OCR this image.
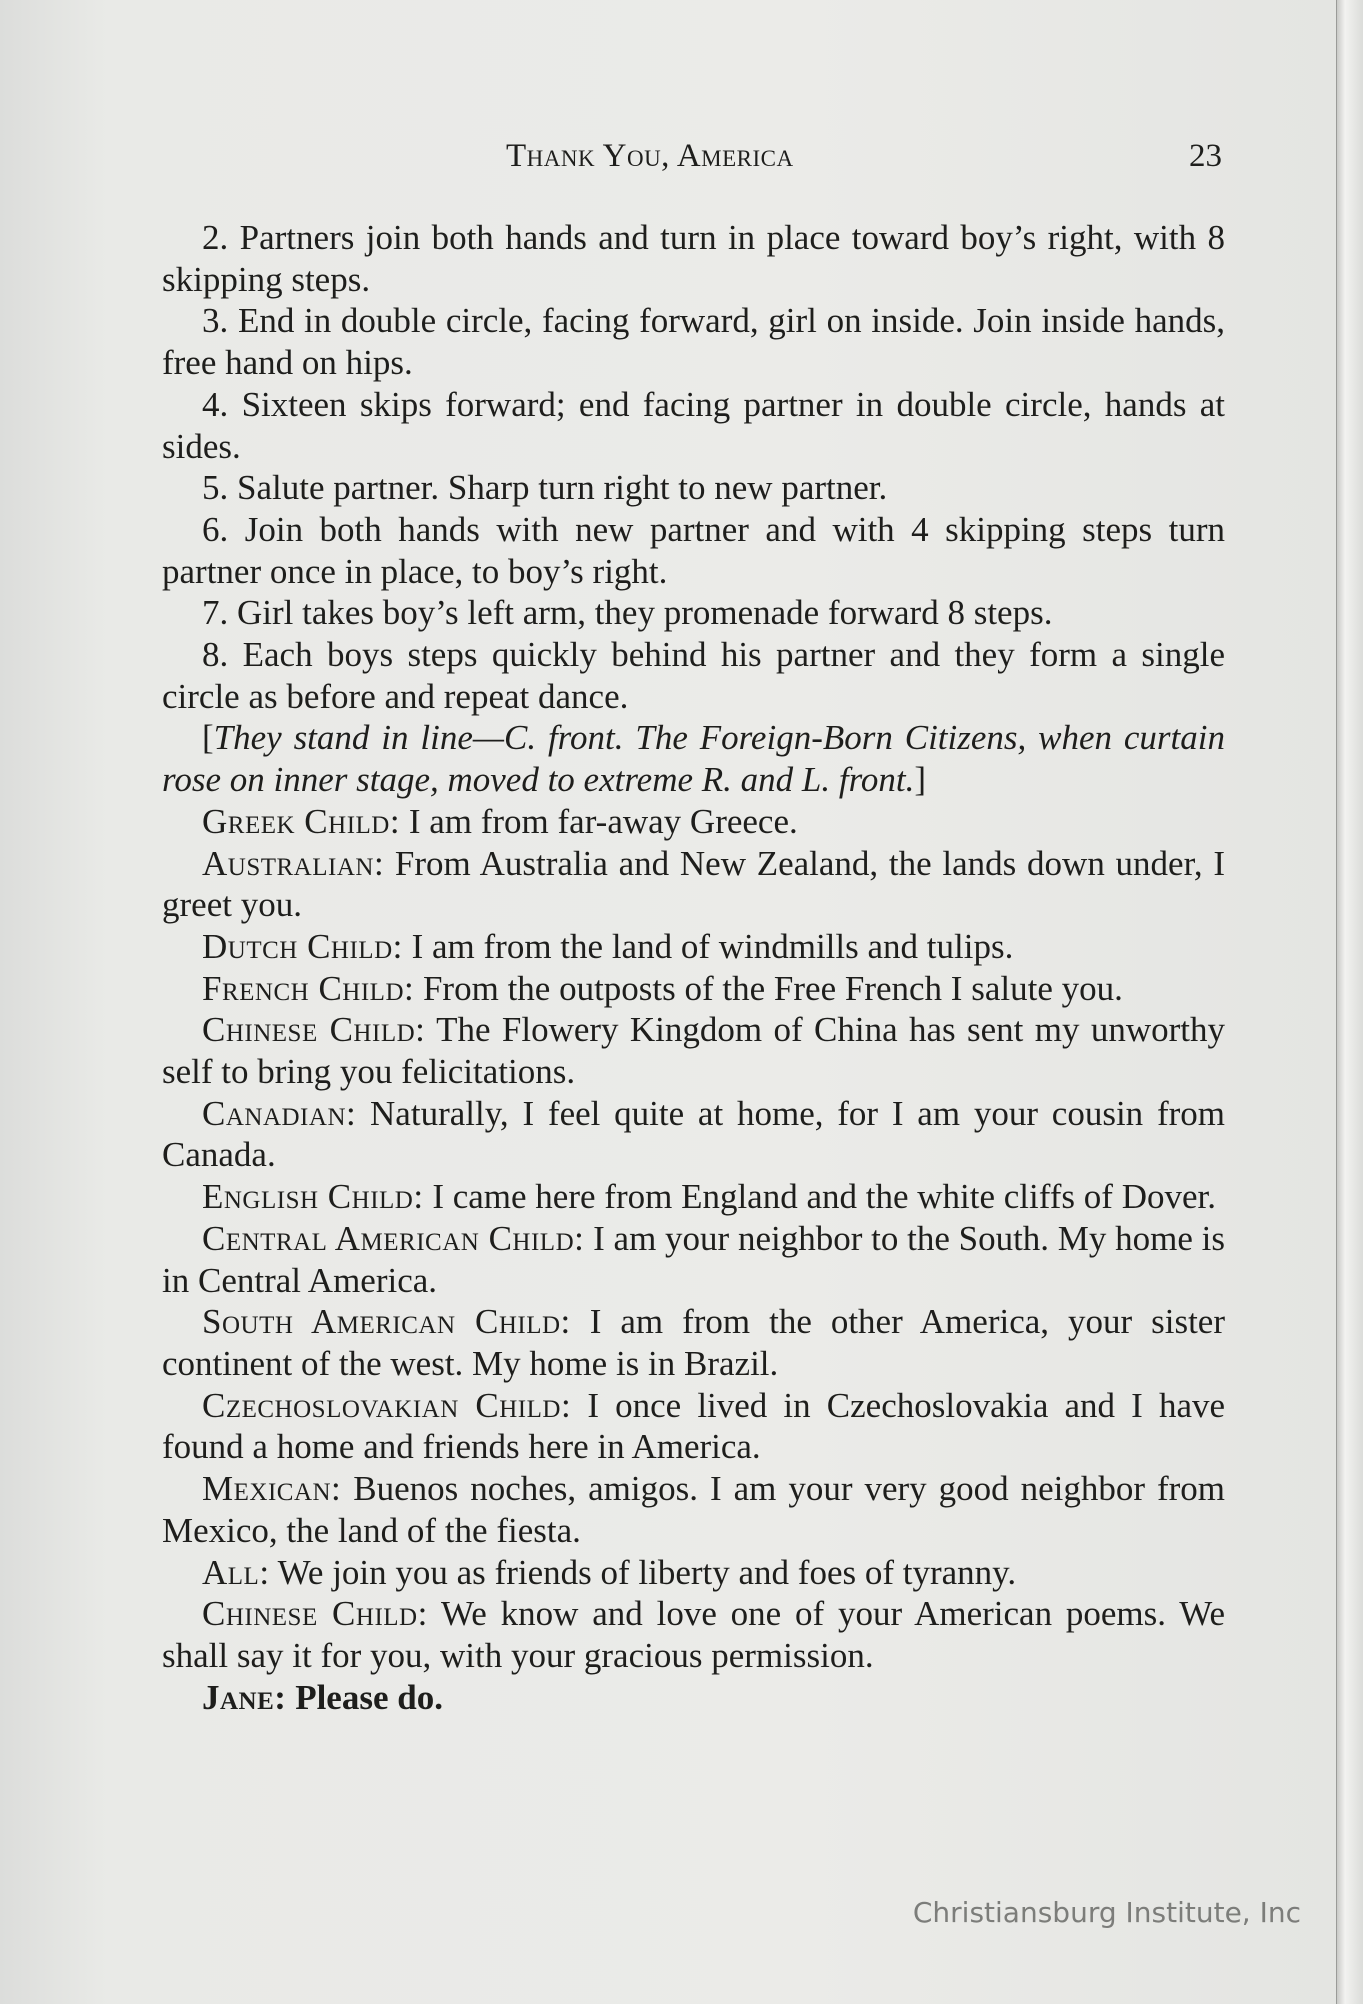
Thank You, America	23

2. Partners join both hands and turn in place toward boy’s right, with 8 skipping steps.

3. End in double circle, facing forward, girl on inside. Join inside hands, free hand on hips.

4. Sixteen skips forward; end facing partner in double circle, hands at sides.

5. Salute partner. Sharp turn right to new partner.

6. Join both hands with new partner and with 4 skipping steps turn partner once in place, to boy’s right.

7. Girl takes boy’s left arm, they promenade forward 8 steps.

8. Each boys steps quickly behind his partner and they form a single circle as before and repeat dance.

[They stand in line—C. front. The Foreign-Born Citizens, when curtain rose on inner stage, moved to extreme R. and L. front.]

Greek Child: I am from far-away Greece.

Australian: From Australia and New Zealand, the lands down under, I greet you.

Dutch Child: I am from the land of windmills and tulips.

French Child: From the outposts of the Free French I salute you.

Chinese Child: The Flowery Kingdom of China has sent my unworthy self to bring you felicitations.

Canadian: Naturally, I feel quite at home, for I am your cousin from Canada.

English Child: I came here from England and the white cliffs of Dover.

Central American Child: I am your neighbor to the South. My home is in Central America.

South American Child: I am from the other America, your sister continent of the west. My home is in Brazil.

Czechoslovakian Child: I once lived in Czechoslovakia and I have found a home and friends here in America.

Mexican: Buenos noches, amigos. I am your very good neighbor from Mexico, the land of the fiesta.

All: We join you as friends of liberty and foes of tyranny.

Chinese Child: We know and love one of your American poems. We shall say it for you, with your gracious permission.

Jane: Please do.

Christiansburg Institute, Inc
